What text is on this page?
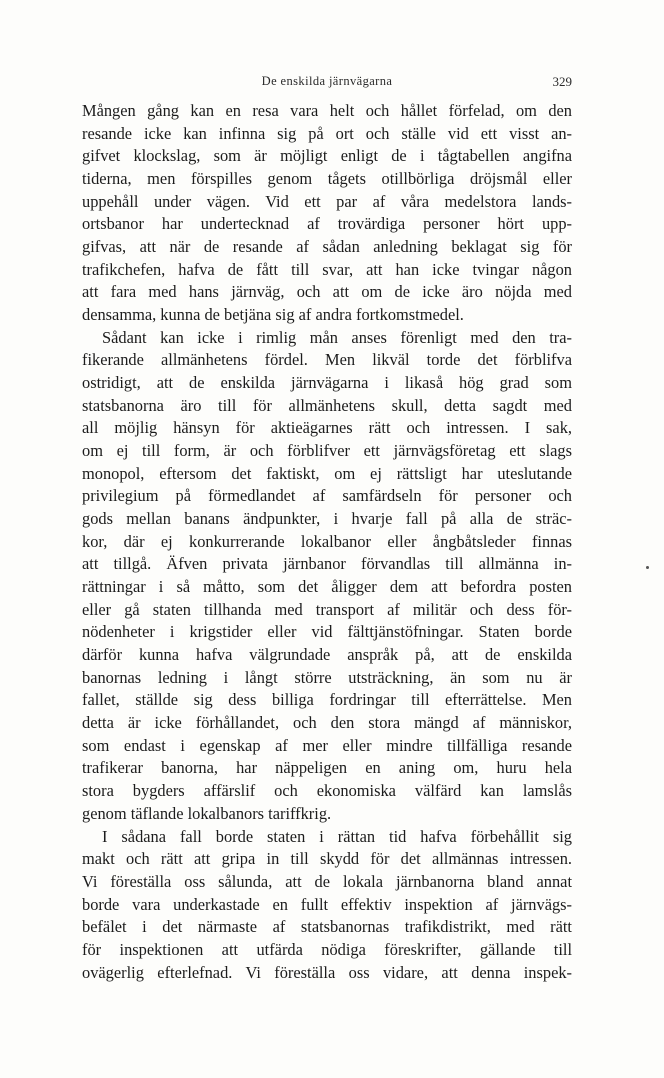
De enskilda järnvägarna	329
Mången gång kan en resa vara helt och hållet förfelad, om den
resande icke kan infinna sig på ort och ställe vid ett visst an-
gifvet klockslag, som är möjligt enligt de i tågtabellen angifna
tiderna, men förspilles genom tågets otillbörliga dröjsmål eller
uppehåll under vägen. Vid ett par af våra medelstora lands-
ortsbanor har undertecknad af trovärdiga personer hört upp-
gifvas, att när de resande af sådan anledning beklagat sig för
trafikchefen, hafva de fått till svar, att han icke tvingar någon
att fara med hans järnväg, och att om de icke äro nöjda med
densamma, kunna de betjäna sig af andra fortkomstmedel.
Sådant kan icke i rimlig mån anses förenligt med den tra-
fikerande allmänhetens fördel. Men likväl torde det förblifva
ostridigt, att de enskilda järnvägarna i likaså hög grad som
statsbanorna äro till för allmänhetens skull, detta sagdt med
all möjlig hänsyn för aktieägarnes rätt och intressen. I sak,
om ej till form, är och förblifver ett järnvägsföretag ett slags
monopol, eftersom det faktiskt, om ej rättsligt har uteslutande
privilegium på förmedlandet af samfärdseln för personer och
gods mellan banans ändpunkter, i hvarje fall på alla de sträc-
kor, där ej konkurrerande lokalbanor eller ångbåtsleder finnas
att tillgå. Äfven privata järnbanor förvandlas till allmänna in-
rättningar i så måtto, som det åligger dem att befordra posten
eller gå staten tillhanda med transport af militär och dess för-
nödenheter i krigstider eller vid fälttjänstöfningar. Staten borde
därför kunna hafva välgrundade anspråk på, att de enskilda
banornas ledning i långt större utsträckning, än som nu är
fallet, ställde sig dess billiga fordringar till efterrättelse. Men
detta är icke förhållandet, och den stora mängd af människor,
som endast i egenskap af mer eller mindre tillfälliga resande
trafikerar banorna, har näppeligen en aning om, huru hela
stora bygders affärslif och ekonomiska välfärd kan lamslås
genom täflande lokalbanors tariffkrig.
I sådana fall borde staten i rättan tid hafva förbehållit sig
makt och rätt att gripa in till skydd för det allmännas intressen.
Vi föreställa oss sålunda, att de lokala järnbanorna bland annat
borde vara underkastade en fullt effektiv inspektion af järnvägs-
befälet i det närmaste af statsbanornas trafikdistrikt, med rätt
för inspektionen att utfärda nödiga föreskrifter, gällande till
ovägerlig efterlefnad. Vi föreställa oss vidare, att denna inspek-
